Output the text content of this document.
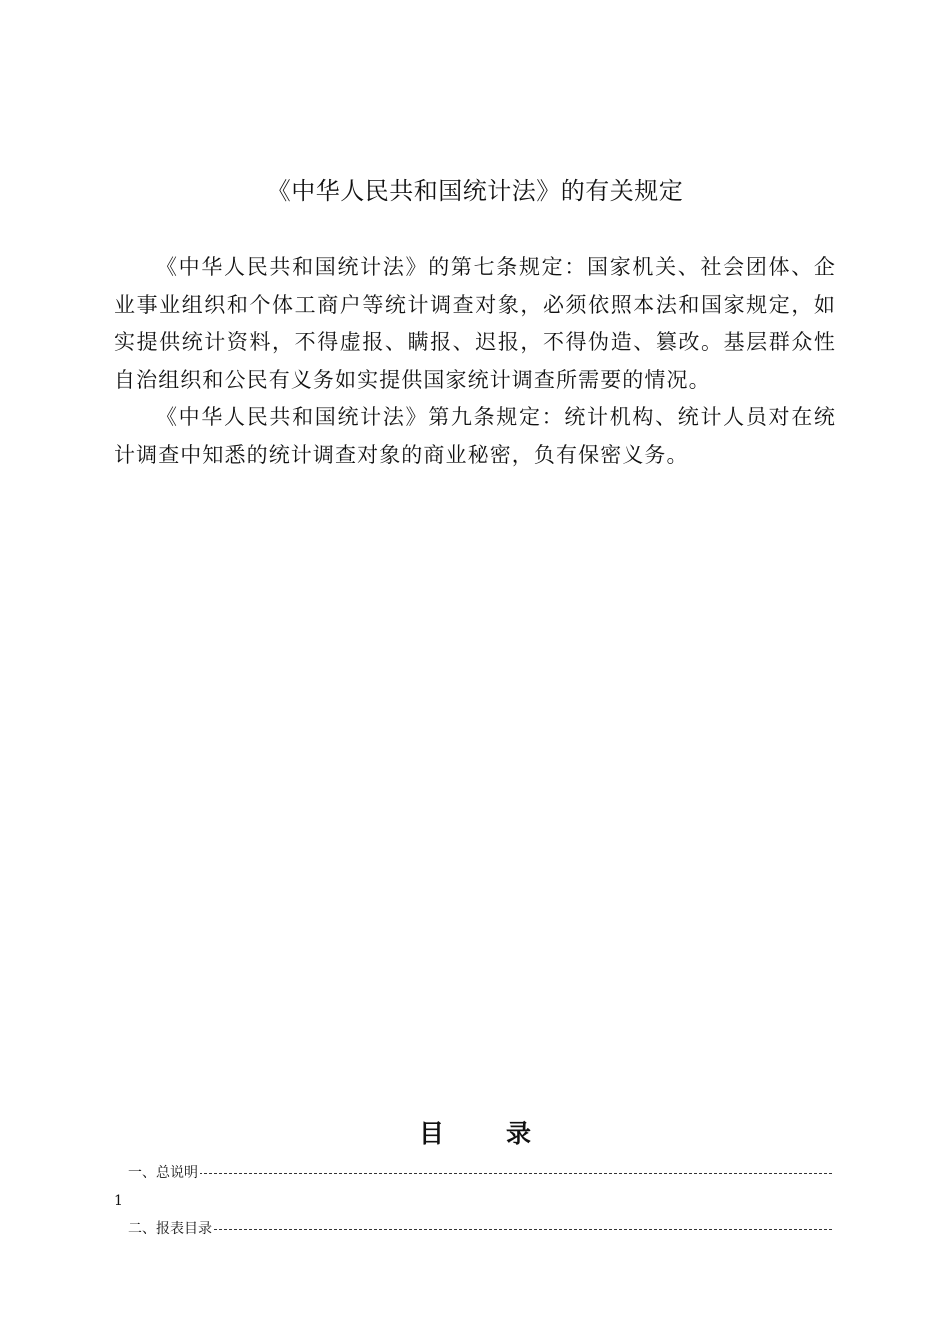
《中华人民共和国统计法》的有关规定

《中华人民共和国统计法》的第七条规定：国家机关、社会团体、企业事业组织和个体工商户等统计调查对象，必须依照本法和国家规定，如实提供统计资料，不得虚报、瞒报、迟报，不得伪造、篡改。基层群众性自治组织和公民有义务如实提供国家统计调查所需要的情况。

《中华人民共和国统计法》第九条规定：统计机构、统计人员对在统计调查中知悉的统计调查对象的商业秘密，负有保密义务。

目录
一、总说明
1
二、报表目录
